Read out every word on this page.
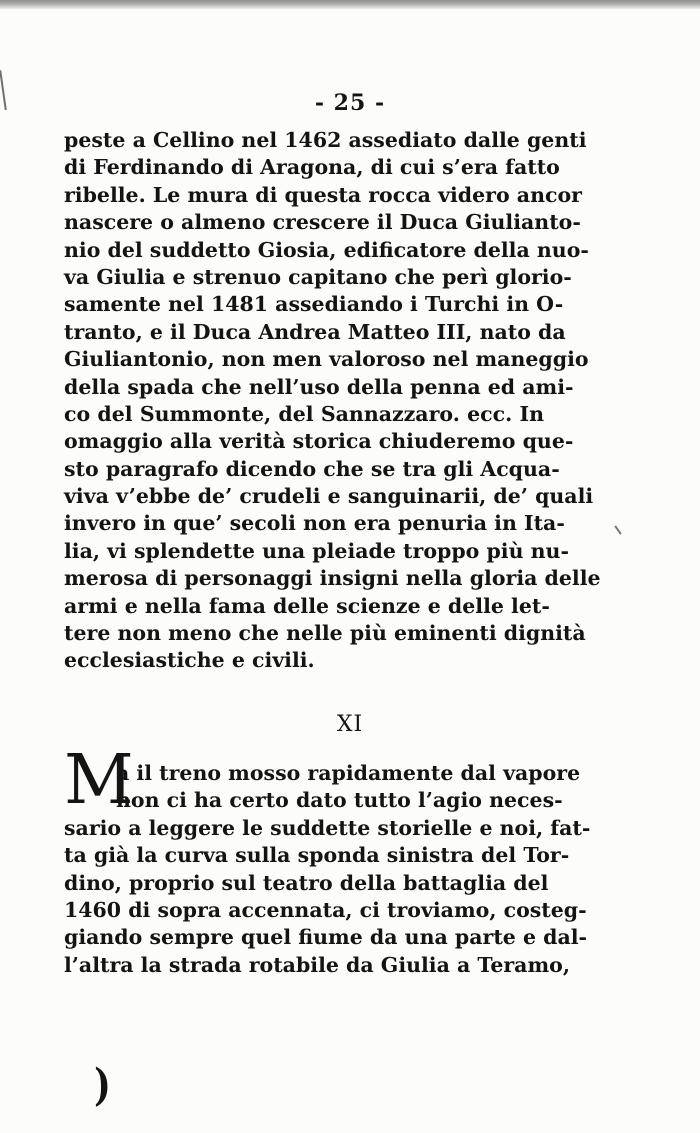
- 25 -
peste a Cellino nel 1462 assediato dalle genti
di Ferdinando di Aragona, di cui s’era fatto
ribelle. Le mura di questa rocca videro ancor
nascere o almeno crescere il Duca Giulianto-
nio del suddetto Giosia, edificatore della nuo-
va Giulia e strenuo capitano che perì glorio-
samente nel 1481 assediando i Turchi in O-
tranto, e il Duca Andrea Matteo III, nato da
Giuliantonio, non men valoroso nel maneggio
della spada che nell’uso della penna ed ami-
co del Summonte, del Sannazzaro. ecc. In
omaggio alla verità storica chiuderemo que-
sto paragrafo dicendo che se tra gli Acqua-
viva v’ebbe de’ crudeli e sanguinarii, de’ quali
invero in que’ secoli non era penuria in Ita-
lia, vi splendette una pleiade troppo più nu-
merosa di personaggi insigni nella gloria delle
armi e nella fama delle scienze e delle let-
tere non meno che nelle più eminenti dignità
ecclesiastiche e civili.
XI
M
a il treno mosso rapidamente dal vapore
non ci ha certo dato tutto l’agio neces-
sario a leggere le suddette storielle e noi, fat-
ta già la curva sulla sponda sinistra del Tor-
dino, proprio sul teatro della battaglia del
1460 di sopra accennata, ci troviamo, costeg-
giando sempre quel fiume da una parte e dal-
l’altra la strada rotabile da Giulia a Teramo,
)
